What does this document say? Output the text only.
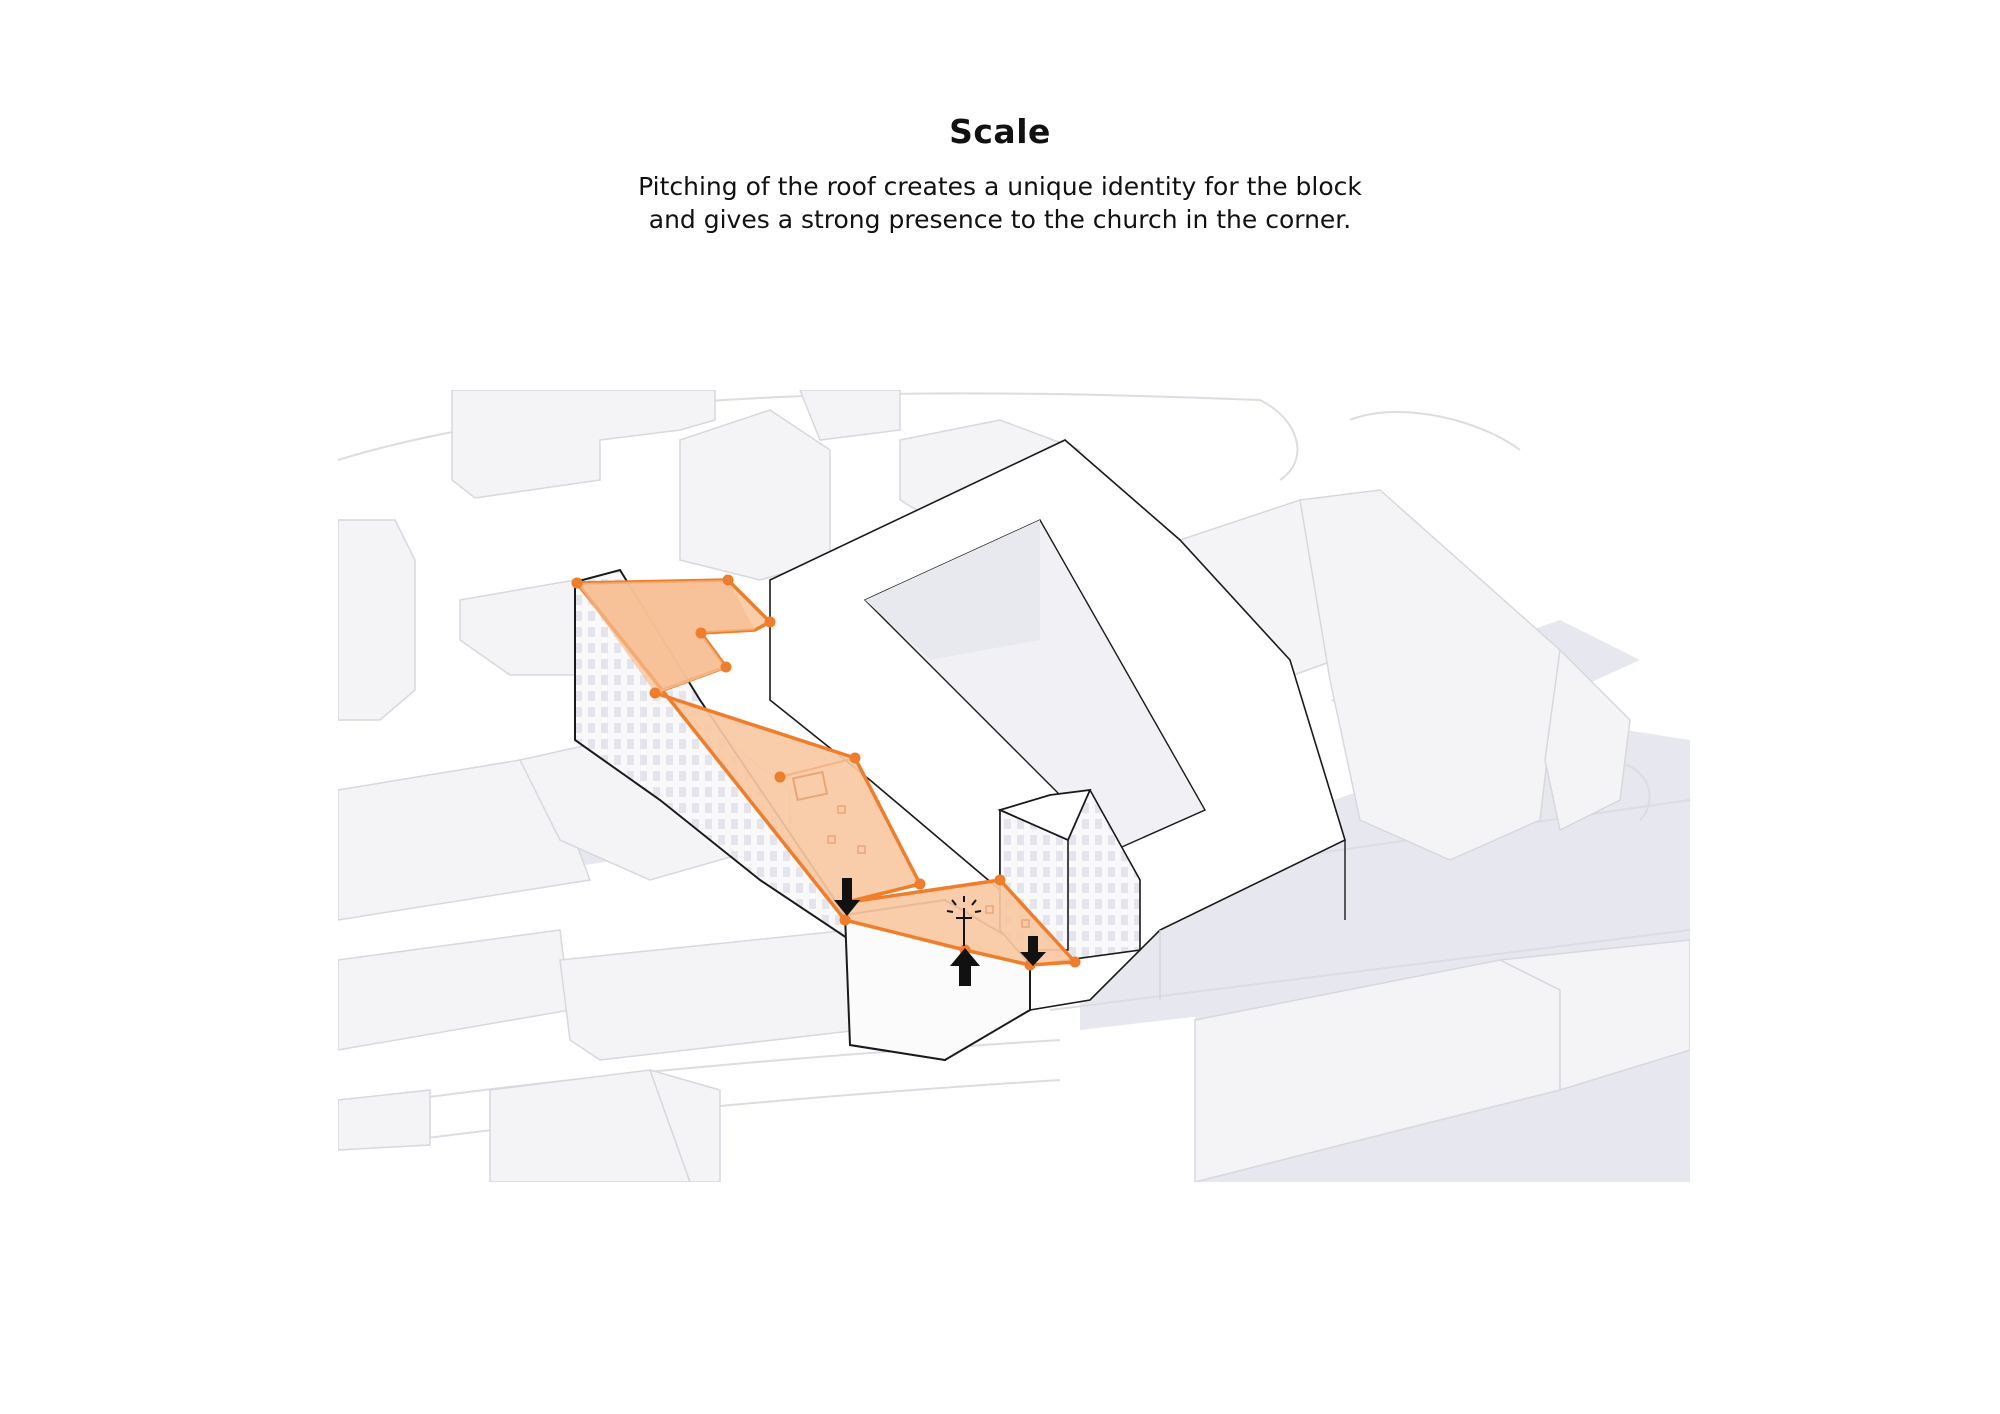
Scale
Pitching of the roof creates a unique identity for the block
and gives a strong presence to the church in the corner.
